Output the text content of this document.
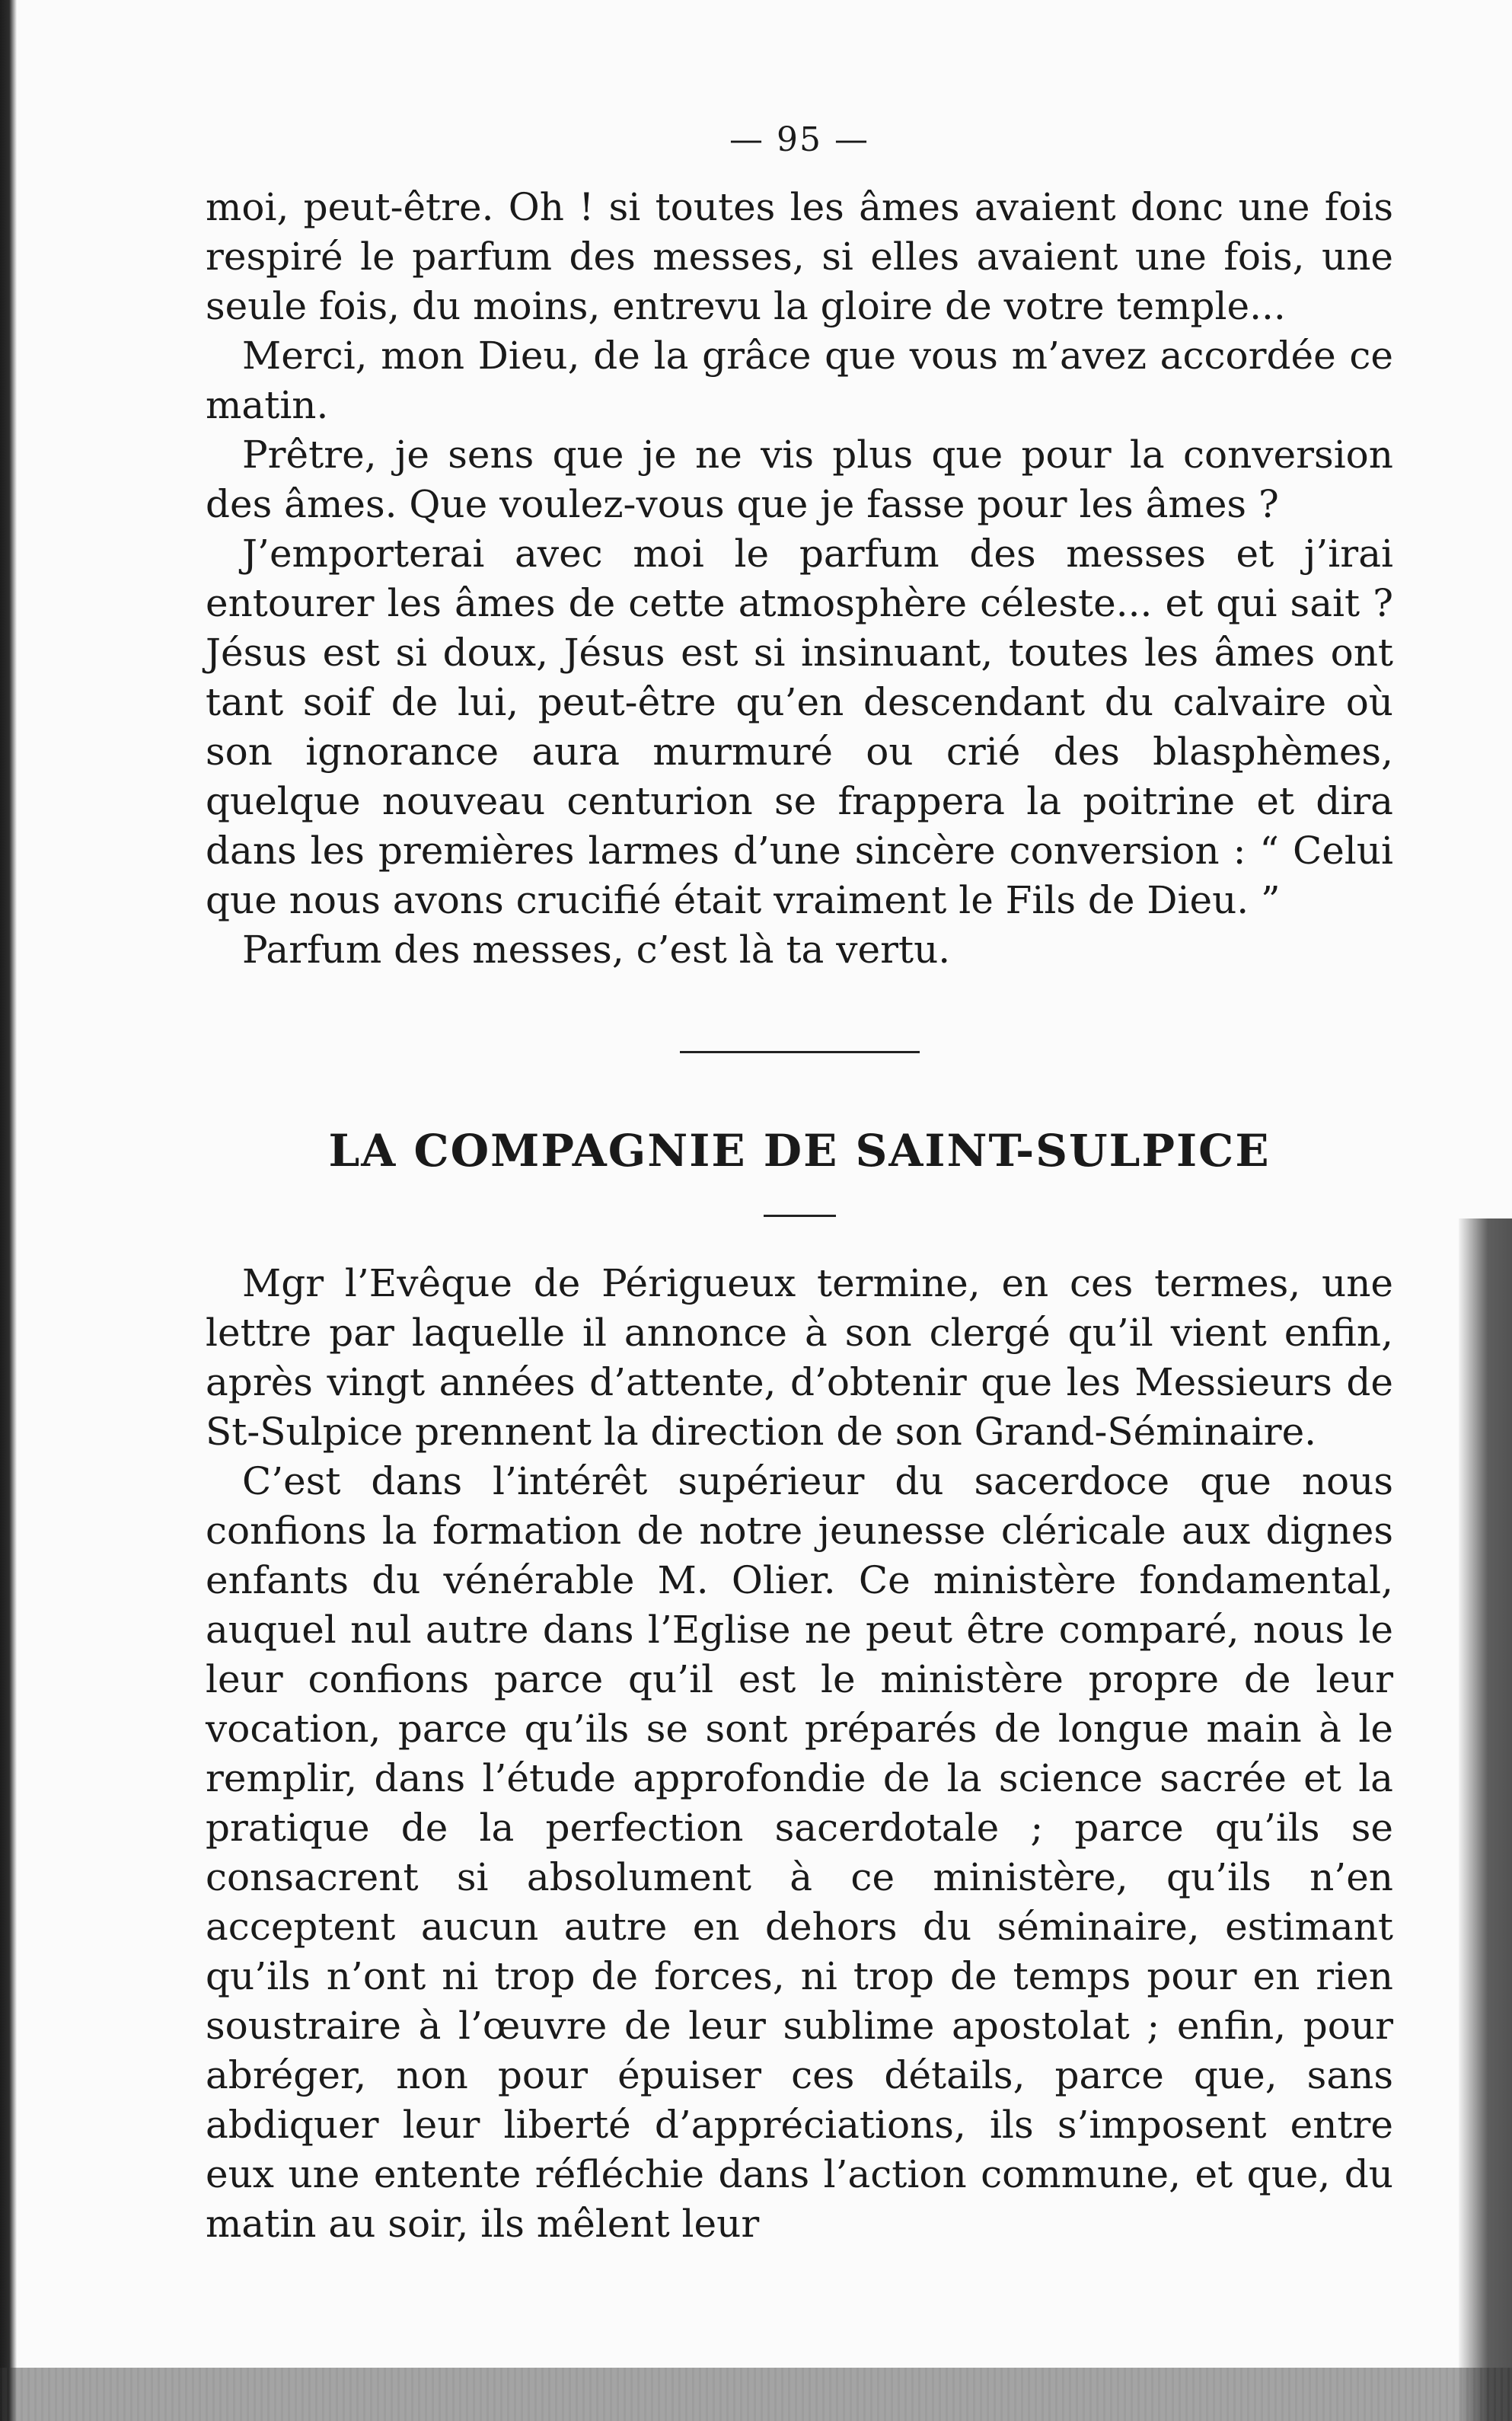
— 95 —

moi, peut-être. Oh ! si toutes les âmes avaient donc une fois respiré le parfum des messes, si elles avaient une fois, une seule fois, du moins, entrevu la gloire de votre temple...

Merci, mon Dieu, de la grâce que vous m’avez accordée ce matin.

Prêtre, je sens que je ne vis plus que pour la conversion des âmes. Que voulez-vous que je fasse pour les âmes ?

J’emporterai avec moi le parfum des messes et j’irai entourer les âmes de cette atmosphère céleste... et qui sait ? Jésus est si doux, Jésus est si insinuant, toutes les âmes ont tant soif de lui, peut-être qu’en descendant du calvaire où son ignorance aura murmuré ou crié des blasphèmes, quelque nouveau centurion se frappera la poitrine et dira dans les premières larmes d’une sincère conversion : “ Celui que nous avons crucifié était vraiment le Fils de Dieu. ”

Parfum des messes, c’est là ta vertu.

LA COMPAGNIE DE SAINT-SULPICE

Mgr l’Evêque de Périgueux termine, en ces termes, une lettre par laquelle il annonce à son clergé qu’il vient enfin, après vingt années d’attente, d’obtenir que les Messieurs de St-Sulpice prennent la direction de son Grand-Séminaire.

C’est dans l’intérêt supérieur du sacerdoce que nous confions la formation de notre jeunesse cléricale aux dignes enfants du vénérable M. Olier. Ce ministère fondamental, auquel nul autre dans l’Eglise ne peut être comparé, nous le leur confions parce qu’il est le ministère propre de leur vocation, parce qu’ils se sont préparés de longue main à le remplir, dans l’étude approfondie de la science sacrée et la pratique de la perfection sacerdotale ; parce qu’ils se consacrent si absolument à ce ministère, qu’ils n’en acceptent aucun autre en dehors du séminaire, estimant qu’ils n’ont ni trop de forces, ni trop de temps pour en rien soustraire à l’œuvre de leur sublime apostolat ; enfin, pour abréger, non pour épuiser ces détails, parce que, sans abdiquer leur liberté d’appréciations, ils s’imposent entre eux une entente réfléchie dans l’action commune, et que, du matin au soir, ils mêlent leur
